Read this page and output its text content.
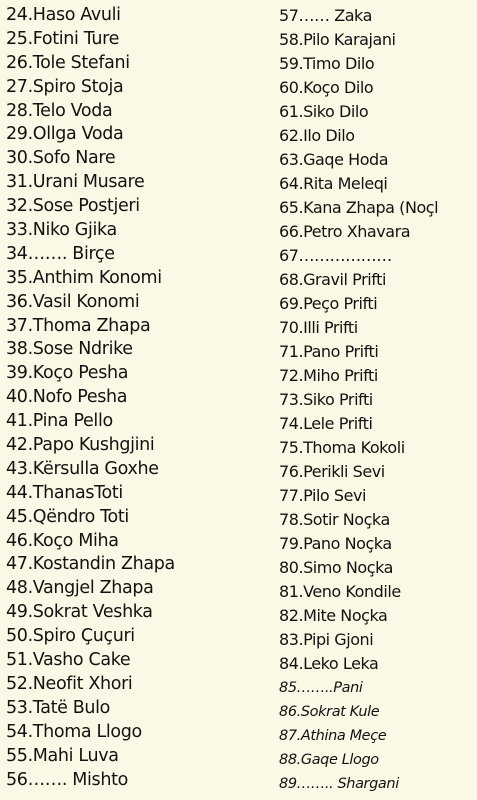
24.Haso Avuli
25.Fotini Ture
26.Tole Stefani
27.Spiro Stoja
28.Telo Voda
29.Ollga Voda
30.Sofo Nare
31.Urani Musare
32.Sose Postjeri
33.Niko Gjika
34……. Birçe
35.Anthim Konomi
36.Vasil Konomi
37.Thoma Zhapa
38.Sose Ndrike
39.Koço Pesha
40.Nofo Pesha
41.Pina Pello
42.Papo Kushgjini
43.Kërsulla Goxhe
44.ThanasToti
45.Qëndro Toti
46.Koço Miha
47.Kostandin Zhapa
48.Vangjel Zhapa
49.Sokrat Veshka
50.Spiro Çuçuri
51.Vasho Cake
52.Neofit Xhori
53.Tatë Bulo
54.Thoma Llogo
55.Mahi Luva
56……. Mishto
57…… Zaka
58.Pilo Karajani
59.Timo Dilo
60.Koço Dilo
61.Siko Dilo
62.Ilo Dilo
63.Gaqe Hoda
64.Rita Meleqi
65.Kana Zhapa (Noçl
66.Petro Xhavara
67………………
68.Gravil Prifti
69.Peço Prifti
70.Illi Prifti
71.Pano Prifti
72.Miho Prifti
73.Siko Prifti
74.Lele Prifti
75.Thoma Kokoli
76.Perikli Sevi
77.Pilo Sevi
78.Sotir Noçka
79.Pano Noçka
80.Simo Noçka
81.Veno Kondile
82.Mite Noçka
83.Pipi Gjoni
84.Leko Leka
85……..Pani
86.Sokrat Kule
87.Athina Meçe
88.Gaqe Llogo
89…….. Shargani
